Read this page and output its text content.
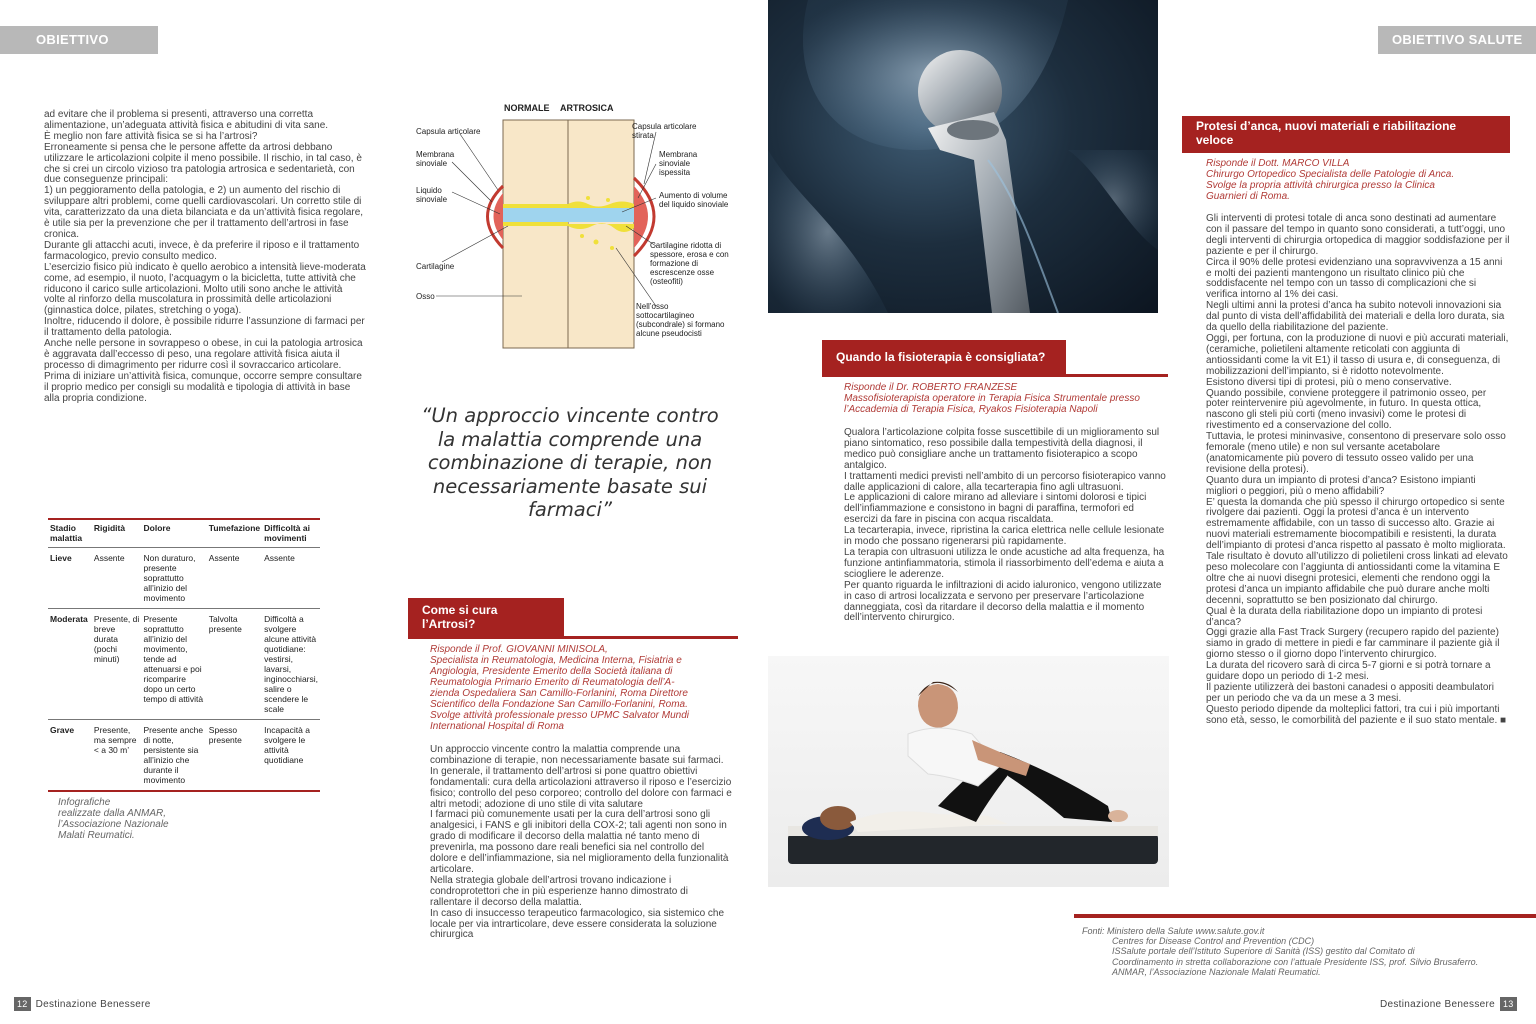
OBIETTIVO SALUTE
OBIETTIVO SALUTE

ad evitare che il problema si presenti, attraverso una corretta alimentazione, un’adeguata attività fisica e abitudini di vita sane.

È meglio non fare attività fisica se si ha l’artrosi?

Erroneamente si pensa che le persone affette da artrosi debbano utilizzare le articolazioni colpite il meno possibile. Il rischio, in tal caso, è che si crei un circolo vizioso tra patologia artrosica e sedentarietà, con due conseguenze principali:

1) un peggioramento della patologia, e 2) un aumento del rischio di sviluppare altri problemi, come quelli cardiovascolari. Un corretto stile di vita, caratterizzato da una dieta bilanciata e da un’attività fisica regolare, è utile sia per la prevenzione che per il trattamento dell’artrosi in fase cronica.

Durante gli attacchi acuti, invece, è da preferire il riposo e il trattamento farmacologico, previo consulto medico.

L’esercizio fisico più indicato è quello aerobico a intensità lieve-moderata come, ad esempio, il nuoto, l’acquagym o la bicicletta, tutte attività che riducono il carico sulle articolazioni. Molto utili sono anche le attività volte al rinforzo della muscolatura in prossimità delle articolazioni (ginnastica dolce, pilates, stretching o yoga).

Inoltre, riducendo il dolore, è possibile ridurre l’assunzione di farmaci per il trattamento della patologia.

Anche nelle persone in sovrappeso o obese, in cui la patologia artrosica è aggravata dall’eccesso di peso, una regolare attività fisica aiuta il processo di dimagrimento per ridurre così il sovraccarico articolare.

Prima di iniziare un’attività fisica, comunque, occorre sempre consultare il proprio medico per consigli su modalità e tipologia di attività in base alla propria condizione.

NORMALE ARTROSICA
Capsula articolare
Membrana sinoviale
Liquido sinoviale
Cartilagine
Osso
Capsula articolare stirata
Membrana sinoviale ispessita
Aumento di volume del liquido sinoviale
Cartilagine ridotta di spessore, erosa e con formazione di escrescenze osse (osteofiti)
Nell’osso sottocartilagineo (subcondrale) si formano alcune pseudocisti
“Un approccio vincente contro la malattia comprende una combinazione di terapie, non necessariamente basate sui farmaci”
Stadio malattia	Rigidità	Dolore	Tumefazione	Difficoltà ai movimenti
Lieve	Assente	Non duraturo, presente soprattutto all’inizio del movimento	Assente	Assente
Moderata	Presente, di breve durata (pochi minuti)	Presente soprattutto all’inizio del movimento, tende ad attenuarsi e poi ricomparire dopo un certo tempo di attività	Talvolta presente	Difficoltà a svolgere alcune attività quotidiane: vestirsi, lavarsi, inginocchiarsi, salire o scendere le scale
Grave	Presente, ma sempre < a 30 m’	Presente anche di notte, persistente sia all’inizio che durante il movimento	Spesso presente	Incapacità a svolgere le attività quotidiane
Infografiche
realizzate dalla ANMAR,
l’Associazione Nazionale
Malati Reumatici.
Come si cura l’Artrosi?
Risponde il Prof. GIOVANNI MINISOLA,
Specialista in Reumatologia, Medicina Interna, Fisiatria e
Angiologia, Presidente Emerito della Società italiana di
Reumatologia Primario Emerito di Reumatologia dell’A-
zienda Ospedaliera San Camillo-Forlanini, Roma Direttore
Scientifico della Fondazione San Camillo-Forlanini, Roma.
Svolge attività professionale presso UPMC Salvator Mundi
International Hospital di Roma

Un approccio vincente contro la malattia comprende una combinazione di terapie, non necessariamente basate sui farmaci.

In generale, il trattamento dell’artrosi si pone quattro obiettivi fondamentali: cura della articolazioni attraverso il riposo e l’esercizio fisico; controllo del peso corporeo; controllo del dolore con farmaci e altri metodi; adozione di uno stile di vita salutare

I farmaci più comunemente usati per la cura dell’artrosi sono gli analgesici, i FANS e gli inibitori della COX-2; tali agenti non sono in grado di modificare il decorso della malattia né tanto meno di prevenirla, ma possono dare reali benefici sia nel controllo del dolore e dell’infiammazione, sia nel miglioramento della funzionalità articolare.

Nella strategia globale dell’artrosi trovano indicazione i condroprotettori che in più esperienze hanno dimostrato di rallentare il decorso della malattia.

In caso di insuccesso terapeutico farmacologico, sia sistemico che locale per via intrarticolare, deve essere considerata la soluzione chirurgica

Quando la fisioterapia è consigliata?
Risponde il Dr. ROBERTO FRANZESE
Massofisioterapista operatore in Terapia Fisica Strumentale presso
l’Accademia di Terapia Fisica, Ryakos Fisioterapia Napoli

Qualora l’articolazione colpita fosse suscettibile di un miglioramento sul piano sintomatico, reso possibile dalla tempestività della diagnosi, il medico può consigliare anche un trattamento fisioterapico a scopo antalgico.

I trattamenti medici previsti nell’ambito di un percorso fisioterapico vanno dalle applicazioni di calore, alla tecarterapia fino agli ultrasuoni.

Le applicazioni di calore mirano ad alleviare i sintomi dolorosi e tipici dell’infiammazione e consistono in bagni di paraffina, termofori ed esercizi da fare in piscina con acqua riscaldata.

La tecarterapia, invece, ripristina la carica elettrica nelle cellule lesionate in modo che possano rigenerarsi più rapidamente.

La terapia con ultrasuoni utilizza le onde acustiche ad alta frequenza, ha funzione antinfiammatoria, stimola il riassorbimento dell’edema e aiuta a sciogliere le aderenze.

Per quanto riguarda le infiltrazioni di acido ialuronico, vengono utilizzate in caso di artrosi localizzata e servono per preservare l’articolazione danneggiata, così da ritardare il decorso della malattia e il momento dell’intervento chirurgico.

Protesi d’anca, nuovi materiali e riabilitazione veloce
Risponde il Dott. MARCO VILLA
Chirurgo Ortopedico Specialista delle Patologie di Anca.
Svolge la propria attività chirurgica presso la Clinica
Guarnieri di Roma.

Gli interventi di protesi totale di anca sono destinati ad aumentare con il passare del tempo in quanto sono considerati, a tutt’oggi, uno degli interventi di chirurgia ortopedica di maggior soddisfazione per il paziente e per il chirurgo.

Circa il 90% delle protesi evidenziano una sopravvivenza a 15 anni e molti dei pazienti mantengono un risultato clinico più che soddisfacente nel tempo con un tasso di complicazioni che si verifica intorno al 1% dei casi.

Negli ultimi anni la protesi d’anca ha subito notevoli innovazioni sia dal punto di vista dell’affidabilità dei materiali e della loro durata, sia da quello della riabilitazione del paziente.

Oggi, per fortuna, con la produzione di nuovi e più accurati materiali, (ceramiche, polietileni altamente reticolati con aggiunta di antiossidanti come la vit E1) il tasso di usura e, di conseguenza, di mobilizzazioni dell’impianto, si è ridotto notevolmente.

Esistono diversi tipi di protesi, più o meno conservative.

Quando possibile, conviene proteggere il patrimonio osseo, per poter reintervenire più agevolmente, in futuro. In questa ottica, nascono gli steli più corti (meno invasivi) come le protesi di rivestimento ed a conservazione del collo.

Tuttavia, le protesi mininvasive, consentono di preservare solo osso femorale (meno utile) e non sul versante acetabolare (anatomicamente più povero di tessuto osseo valido per una revisione della protesi).

Quanto dura un impianto di protesi d’anca? Esistono impianti migliori o peggiori, più o meno affidabili?

E’ questa la domanda che più spesso il chirurgo ortopedico si sente rivolgere dai pazienti. Oggi la protesi d’anca è un intervento estremamente affidabile, con un tasso di successo alto. Grazie ai nuovi materiali estremamente biocompatibili e resistenti, la durata dell’impianto di protesi d’anca rispetto al passato è molto migliorata.

Tale risultato è dovuto all’utilizzo di polietileni cross linkati ad elevato peso molecolare con l’aggiunta di antiossidanti come la vitamina E oltre che ai nuovi disegni protesici, elementi che rendono oggi la protesi d’anca un impianto affidabile che può durare anche molti decenni, soprattutto se ben posizionato dal chirurgo.

Qual è la durata della riabilitazione dopo un impianto di protesi d’anca?

Oggi grazie alla Fast Track Surgery (recupero rapido del paziente) siamo in grado di mettere in piedi e far camminare il paziente già il giorno stesso o il giorno dopo l’intervento chirurgico.

La durata del ricovero sarà di circa 5-7 giorni e si potrà tornare a guidare dopo un periodo di 1-2 mesi.

Il paziente utilizzerà dei bastoni canadesi o appositi deambulatori per un periodo che va da un mese a 3 mesi.

Questo periodo dipende da molteplici fattori, tra cui i più importanti sono età, sesso, le comorbilità del paziente e il suo stato mentale. ■

Fonti: Ministero della Salute www.salute.gov.it
Centres for Disease Control and Prevention (CDC)
ISSalute portale dell’Istituto Superiore di Sanità (ISS) gestito dal Comitato di
Coordinamento in stretta collaborazione con l’attuale Presidente ISS, prof. Silvio Brusaferro.
ANMAR, l’Associazione Nazionale Malati Reumatici.
12 Destinazione Benessere	Destinazione Benessere 13
